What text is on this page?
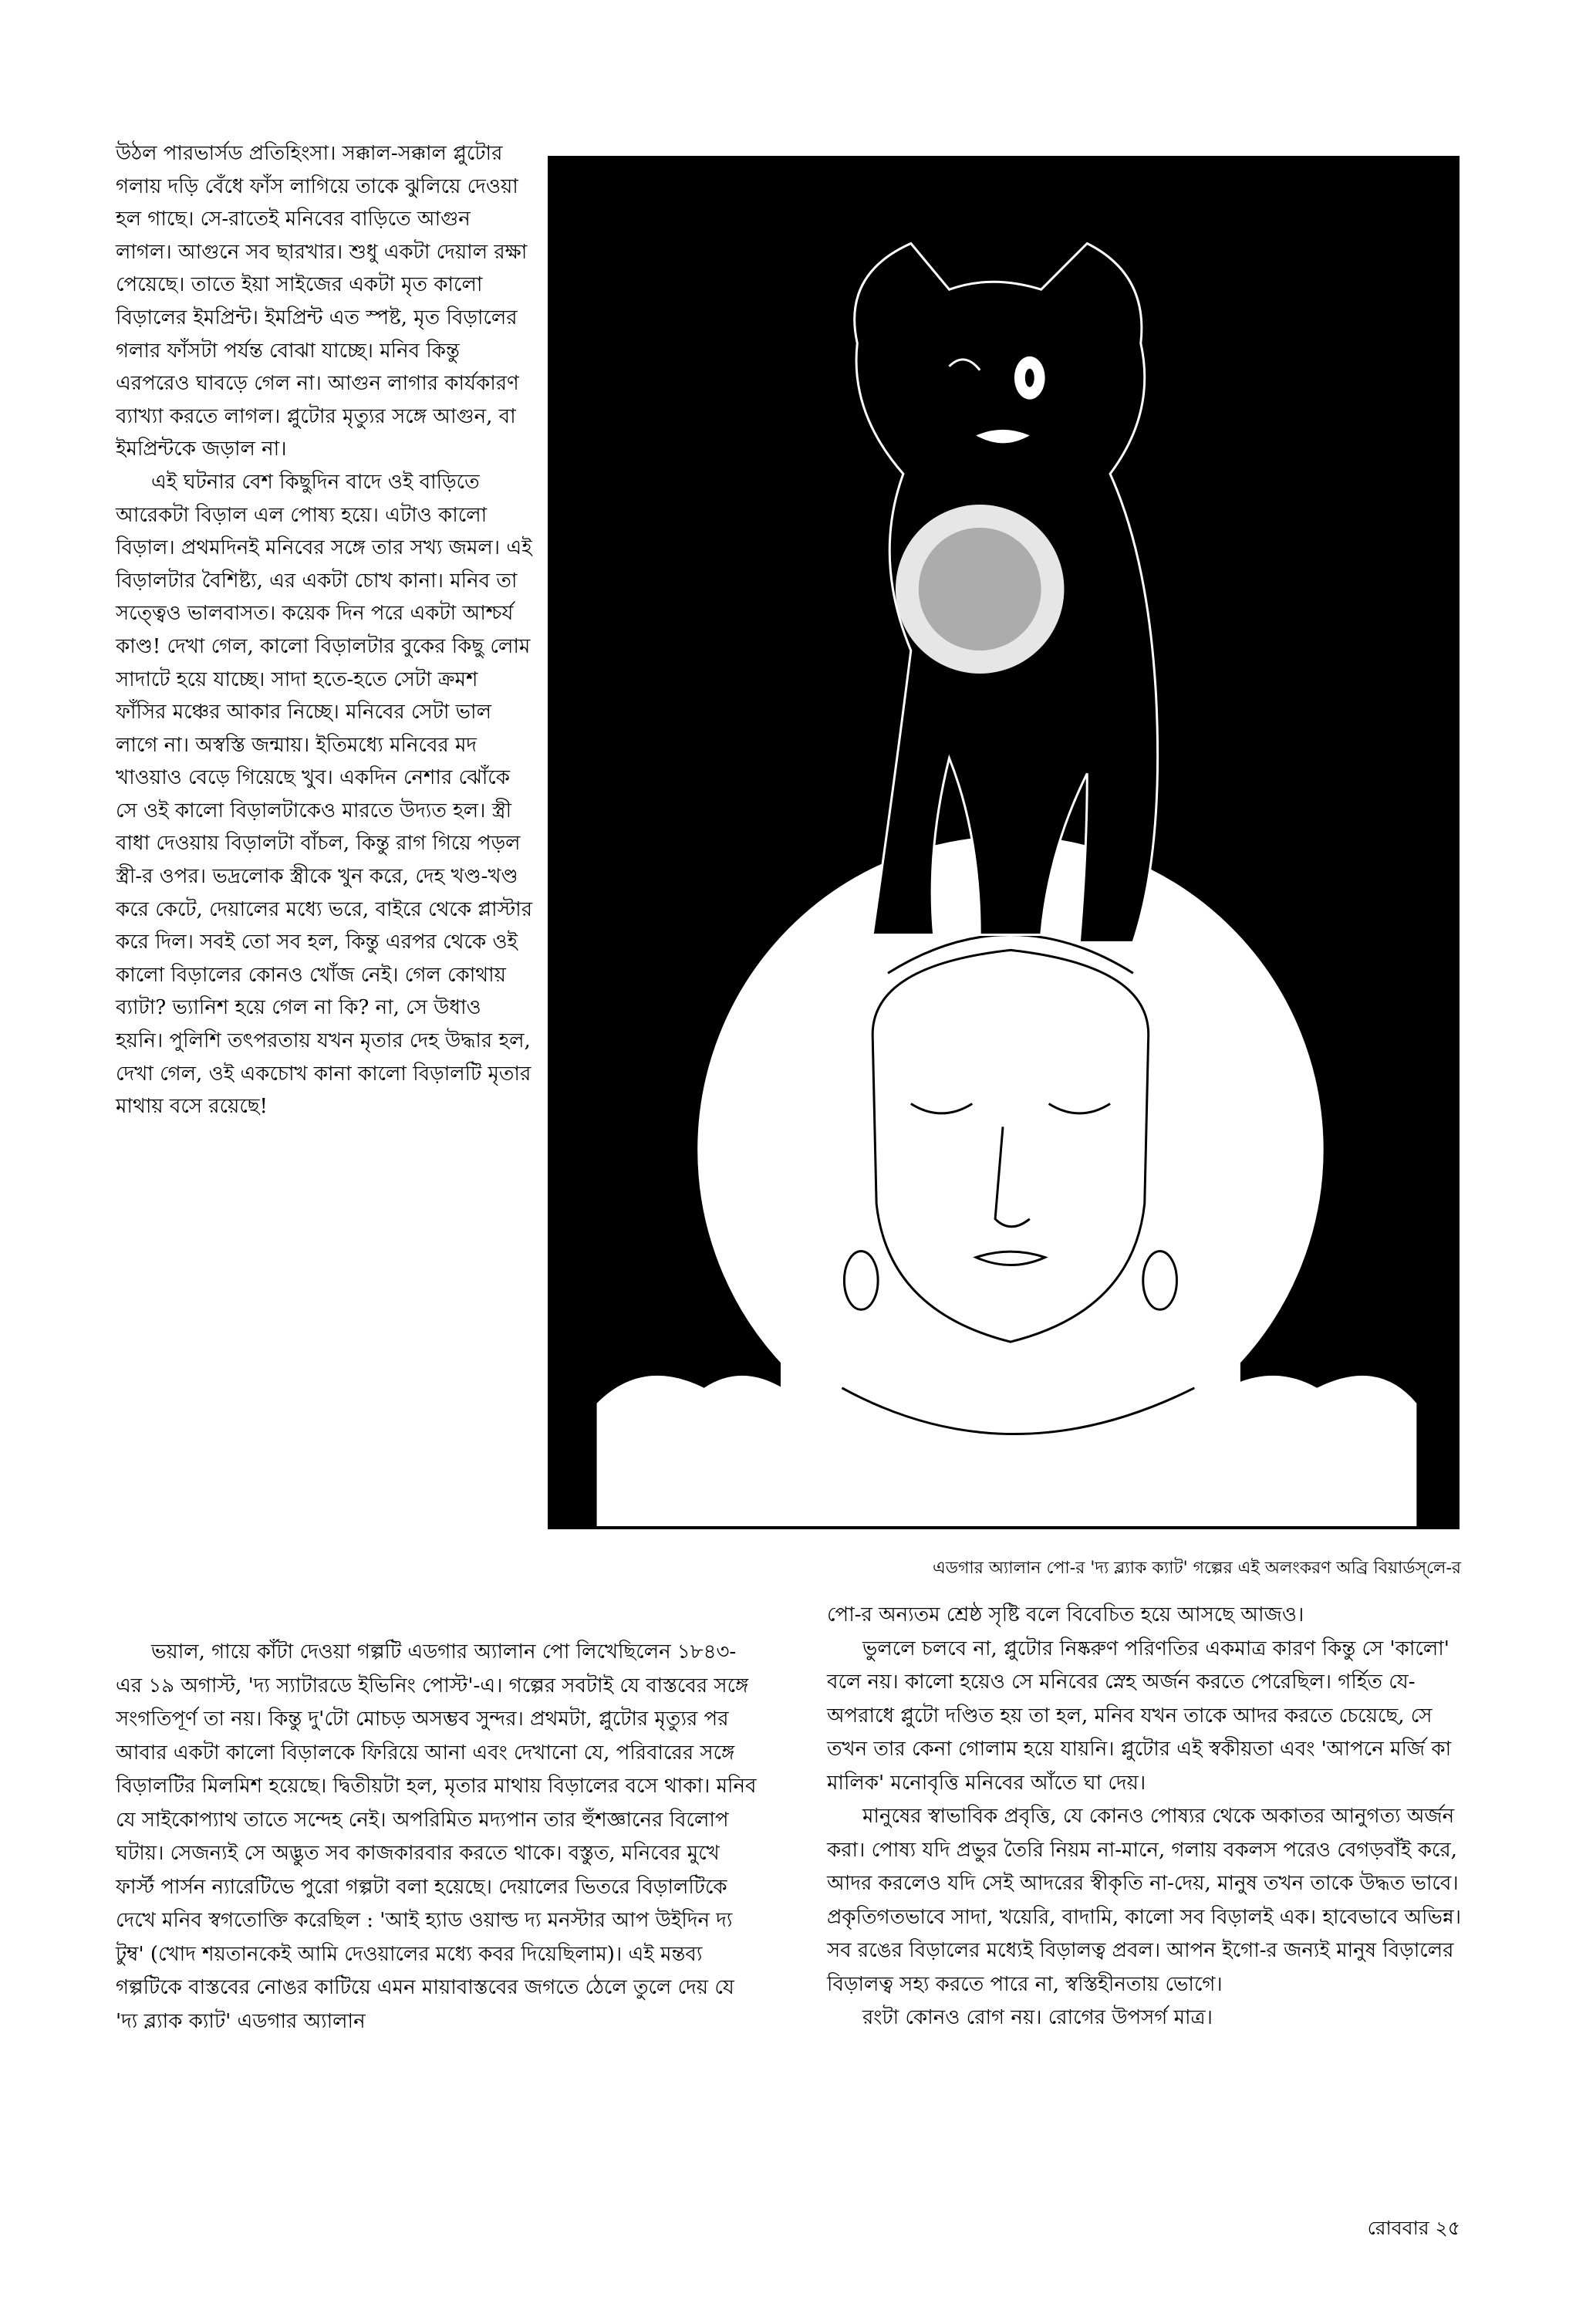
উঠল পারভার্সড প্রতিহিংসা। সক্কাল-সক্কাল প্লুটোর গলায় দড়ি বেঁধে ফাঁস লাগিয়ে তাকে ঝুলিয়ে দেওয়া হল গাছে। সে-রাতেই মনিবের বাড়িতে আগুন লাগল। আগুনে সব ছারখার। শুধু একটা দেয়াল রক্ষা পেয়েছে। তাতে ইয়া সাইজের একটা মৃত কালো বিড়ালের ইমপ্রিন্ট। ইমপ্রিন্ট এত স্পষ্ট, মৃত বিড়ালের গলার ফাঁসটা পর্যন্ত বোঝা যাচ্ছে। মনিব কিন্তু এরপরেও ঘাবড়ে গেল না। আগুন লাগার কার্যকারণ ব্যাখ্যা করতে লাগল। প্লুটোর মৃত্যুর সঙ্গে আগুন, বা ইমপ্রিন্টকে জড়াল না।

এই ঘটনার বেশ কিছুদিন বাদে ওই বাড়িতে আরেকটা বিড়াল এল পোষ্য হয়ে। এটাও কালো বিড়াল। প্রথমদিনই মনিবের সঙ্গে তার সখ্য জমল। এই বিড়ালটার বৈশিষ্ট্য, এর একটা চোখ কানা। মনিব তা সত্ত্বেও ভালবাসত। কয়েক দিন পরে একটা আশ্চর্য কাণ্ড! দেখা গেল, কালো বিড়ালটার বুকের কিছু লোম সাদাটে হয়ে যাচ্ছে। সাদা হতে-হতে সেটা ক্রমশ ফাঁসির মঞ্চের আকার নিচ্ছে। মনিবের সেটা ভাল লাগে না। অস্বস্তি জন্মায়। ইতিমধ্যে মনিবের মদ খাওয়াও বেড়ে গিয়েছে খুব। একদিন নেশার ঝোঁকে সে ওই কালো বিড়ালটাকেও মারতে উদ্যত হল। স্ত্রী বাধা দেওয়ায় বিড়ালটা বাঁচল, কিন্তু রাগ গিয়ে পড়ল স্ত্রী-র ওপর। ভদ্রলোক স্ত্রীকে খুন করে, দেহ খণ্ড-খণ্ড করে কেটে, দেয়ালের মধ্যে ভরে, বাইরে থেকে প্লাস্টার করে দিল। সবই তো সব হল, কিন্তু এরপর থেকে ওই কালো বিড়ালের কোনও খোঁজ নেই। গেল কোথায় ব্যাটা? ভ্যানিশ হয়ে গেল না কি? না, সে উধাও হয়নি। পুলিশি তৎপরতায় যখন মৃতার দেহ উদ্ধার হল, দেখা গেল, ওই একচোখ কানা কালো বিড়ালটি মৃতার মাথায় বসে রয়েছে!

এডগার অ্যালান পো-র 'দ্য ব্ল্যাক ক্যাট' গল্পের এই অলংকরণ অব্রি বিয়ার্ডস্‌লে-র

ভয়াল, গায়ে কাঁটা দেওয়া গল্পটি এডগার অ্যালান পো লিখেছিলেন ১৮৪৩-এর ১৯ অগাস্ট, 'দ্য স্যাটারডে ইভিনিং পোস্ট'-এ। গল্পের সবটাই যে বাস্তবের সঙ্গে সংগতিপূর্ণ তা নয়। কিন্তু দু'টো মোচড় অসম্ভব সুন্দর। প্রথমটা, প্লুটোর মৃত্যুর পর আবার একটা কালো বিড়ালকে ফিরিয়ে আনা এবং দেখানো যে, পরিবারের সঙ্গে বিড়ালটির মিলমিশ হয়েছে। দ্বিতীয়টা হল, মৃতার মাথায় বিড়ালের বসে থাকা। মনিব যে সাইকোপ্যাথ তাতে সন্দেহ নেই। অপরিমিত মদ্যপান তার হুঁশজ্ঞানের বিলোপ ঘটায়। সেজন্যই সে অদ্ভুত সব কাজকারবার করতে থাকে। বস্তুত, মনিবের মুখে ফার্স্ট পার্সন ন্যারেটিভে পুরো গল্পটা বলা হয়েছে। দেয়ালের ভিতরে বিড়ালটিকে দেখে মনিব স্বগতোক্তি করেছিল : 'আই হ্যাড ওয়াল্ড দ্য মনস্টার আপ উইদিন দ্য টুম্ব' (খোদ শয়তানকেই আমি দেওয়ালের মধ্যে কবর দিয়েছিলাম)। এই মন্তব্য গল্পটিকে বাস্তবের নোঙর কাটিয়ে এমন মায়াবাস্তবের জগতে ঠেলে তুলে দেয় যে 'দ্য ব্ল্যাক ক্যাট' এডগার অ্যালান

পো-র অন্যতম শ্রেষ্ঠ সৃষ্টি বলে বিবেচিত হয়ে আসছে আজও।

ভুললে চলবে না, প্লুটোর নিষ্করুণ পরিণতির একমাত্র কারণ কিন্তু সে 'কালো' বলে নয়। কালো হয়েও সে মনিবের স্নেহ অর্জন করতে পেরেছিল। গর্হিত যে-অপরাধে প্লুটো দণ্ডিত হয় তা হল, মনিব যখন তাকে আদর করতে চেয়েছে, সে তখন তার কেনা গোলাম হয়ে যায়নি। প্লুটোর এই স্বকীয়তা এবং 'আপনে মর্জি কা মালিক' মনোবৃত্তি মনিবের আঁতে ঘা দেয়।

মানুষের স্বাভাবিক প্রবৃত্তি, যে কোনও পোষ্যর থেকে অকাতর আনুগত্য অর্জন করা। পোষ্য যদি প্রভুর তৈরি নিয়ম না-মানে, গলায় বকলস পরেও বেগড়বাঁই করে, আদর করলেও যদি সেই আদরের স্বীকৃতি না-দেয়, মানুষ তখন তাকে উদ্ধত ভাবে। প্রকৃতিগতভাবে সাদা, খয়েরি, বাদামি, কালো সব বিড়ালই এক। হাবেভাবে অভিন্ন। সব রঙের বিড়ালের মধ্যেই বিড়ালত্ব প্রবল। আপন ইগো-র জন্যই মানুষ বিড়ালের বিড়ালত্ব সহ্য করতে পারে না, স্বস্তিহীনতায় ভোগে।

রংটা কোনও রোগ নয়। রোগের উপসর্গ মাত্র।

রোববার ২৫
